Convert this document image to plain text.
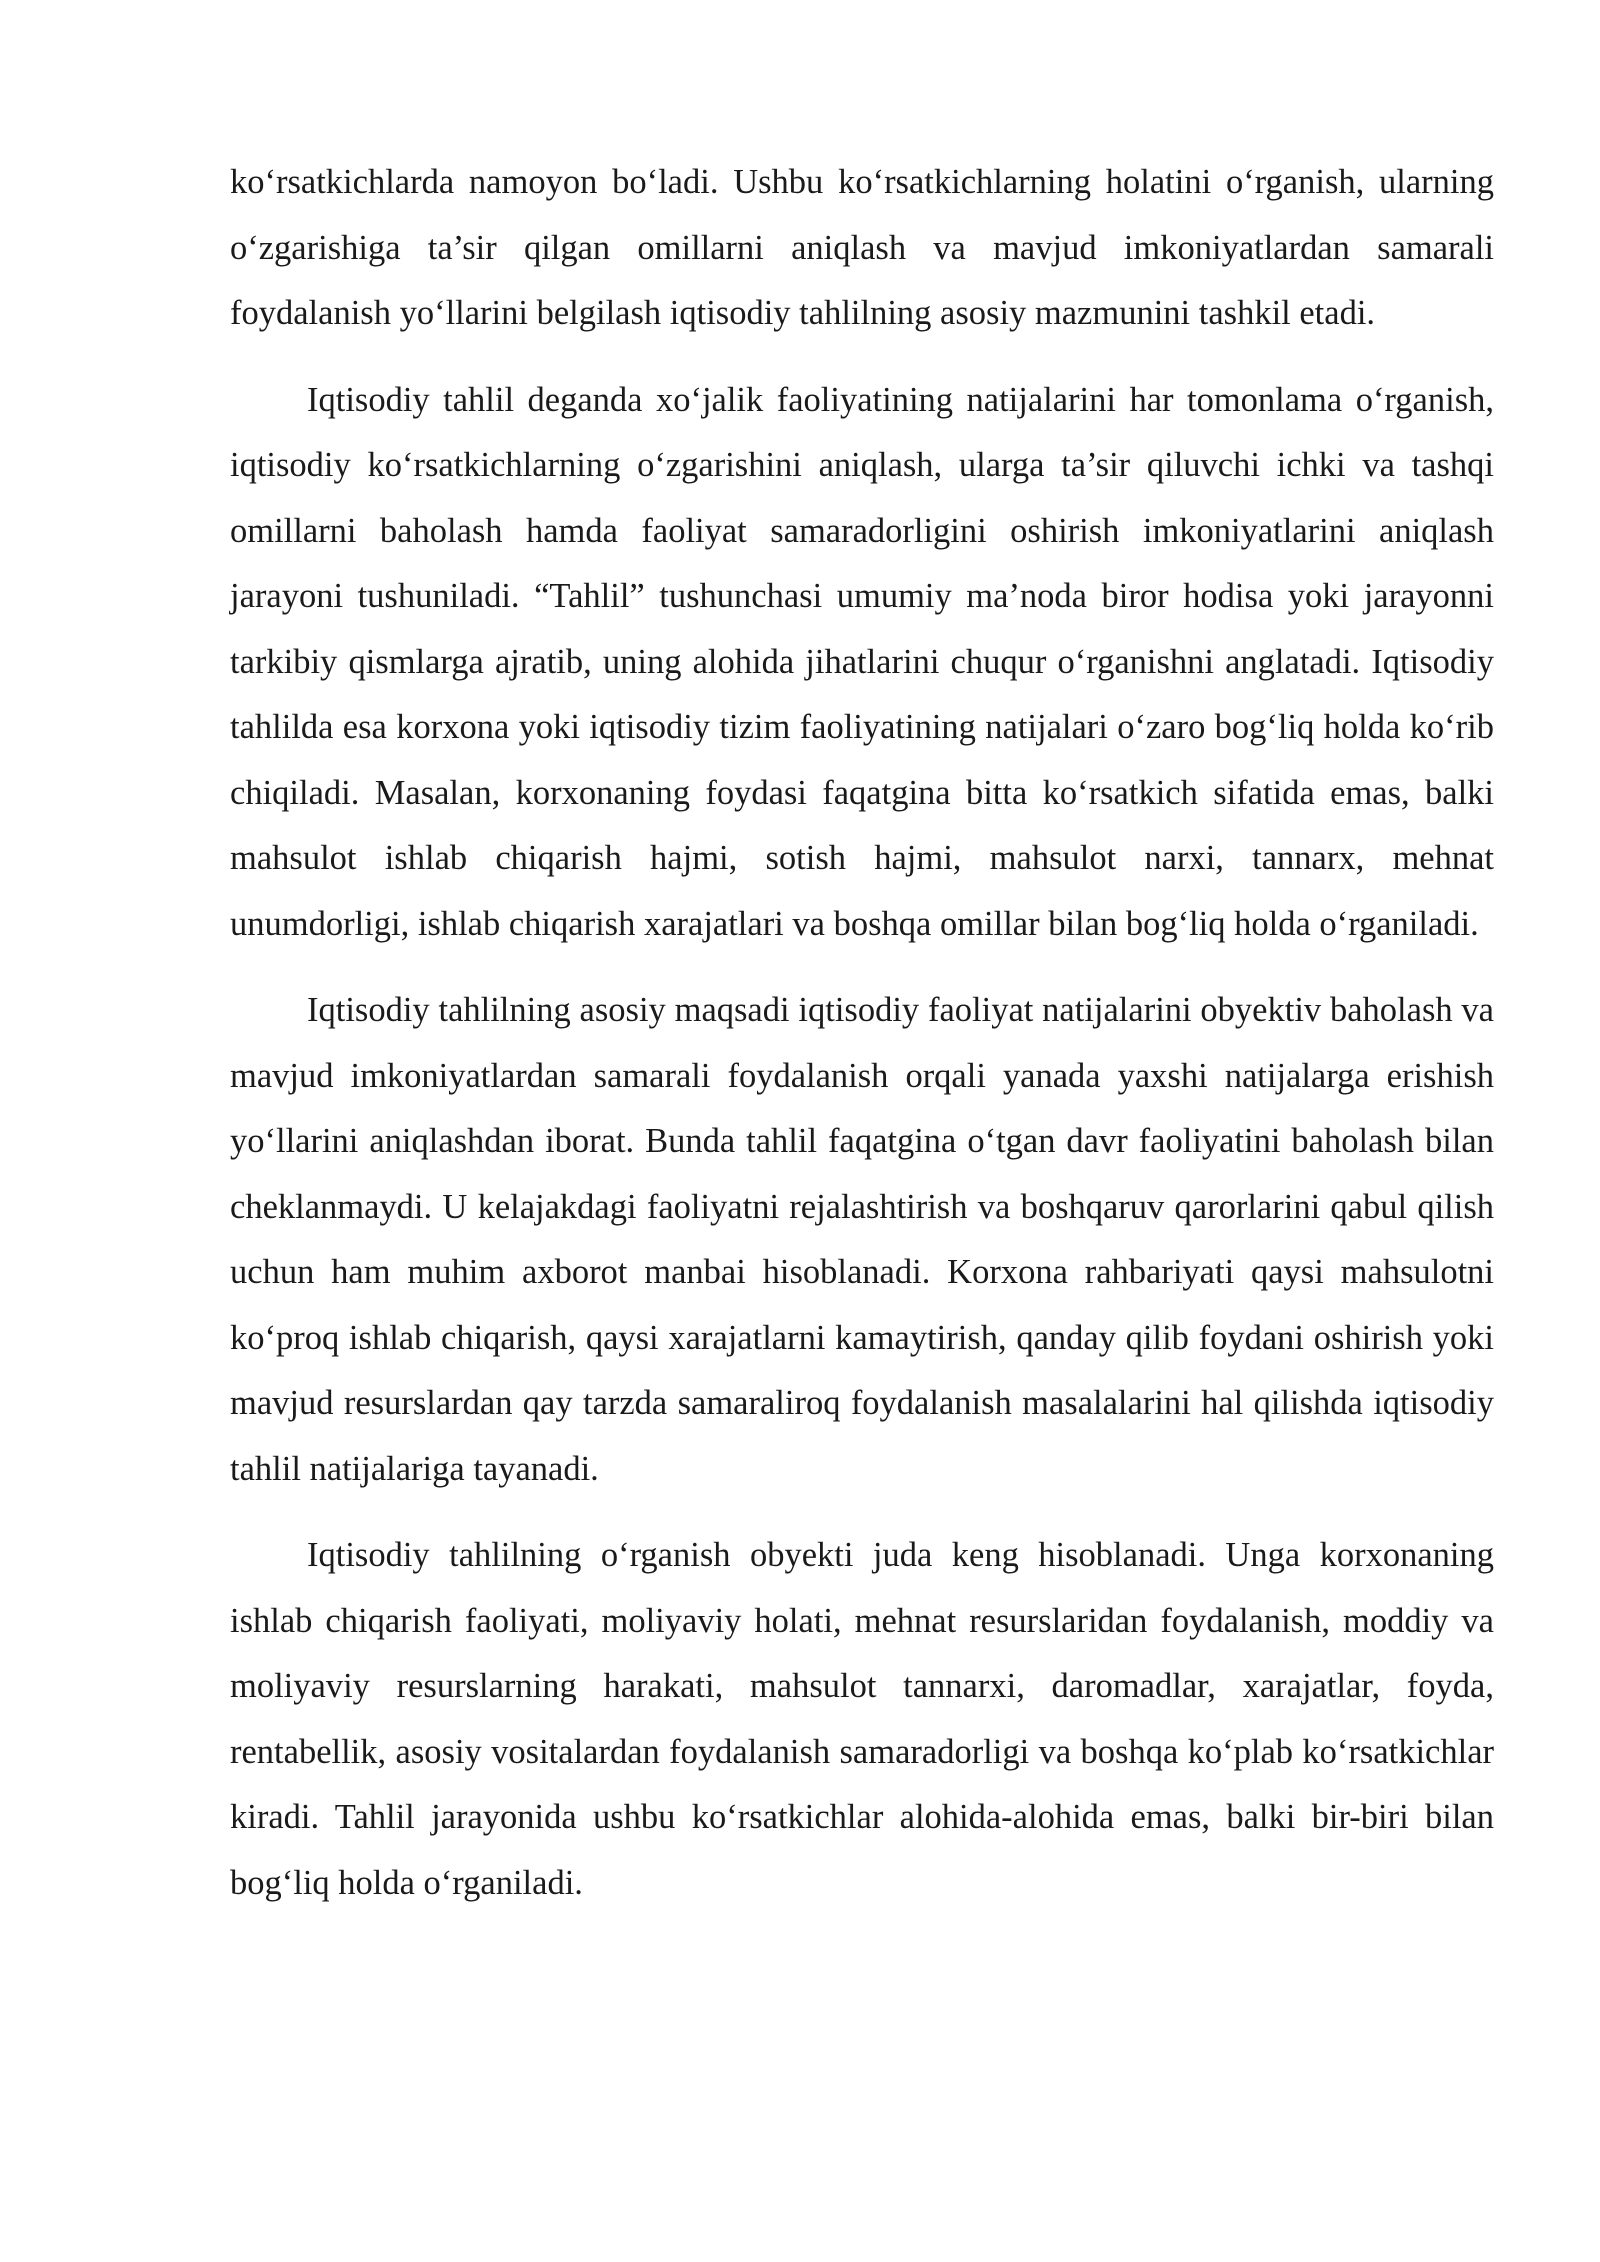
ko‘rsatkichlarda namoyon bo‘ladi. Ushbu ko‘rsatkichlarning holatini o‘rganish, ularning o‘zgarishiga ta’sir qilgan omillarni aniqlash va mavjud imkoniyatlardan samarali foydalanish yo‘llarini belgilash iqtisodiy tahlilning asosiy mazmunini tashkil etadi.

Iqtisodiy tahlil deganda xo‘jalik faoliyatining natijalarini har tomonlama o‘rganish, iqtisodiy ko‘rsatkichlarning o‘zgarishini aniqlash, ularga ta’sir qiluvchi ichki va tashqi omillarni baholash hamda faoliyat samaradorligini oshirish imkoniyatlarini aniqlash jarayoni tushuniladi. “Tahlil” tushunchasi umumiy ma’noda biror hodisa yoki jarayonni tarkibiy qismlarga ajratib, uning alohida jihatlarini chuqur o‘rganishni anglatadi. Iqtisodiy tahlilda esa korxona yoki iqtisodiy tizim faoliyatining natijalari o‘zaro bog‘liq holda ko‘rib chiqiladi. Masalan, korxonaning foydasi faqatgina bitta ko‘rsatkich sifatida emas, balki mahsulot ishlab chiqarish hajmi, sotish hajmi, mahsulot narxi, tannarx, mehnat unumdorligi, ishlab chiqarish xarajatlari va boshqa omillar bilan bog‘liq holda o‘rganiladi.

Iqtisodiy tahlilning asosiy maqsadi iqtisodiy faoliyat natijalarini obyektiv baholash va mavjud imkoniyatlardan samarali foydalanish orqali yanada yaxshi natijalarga erishish yo‘llarini aniqlashdan iborat. Bunda tahlil faqatgina o‘tgan davr faoliyatini baholash bilan cheklanmaydi. U kelajakdagi faoliyatni rejalashtirish va boshqaruv qarorlarini qabul qilish uchun ham muhim axborot manbai hisoblanadi. Korxona rahbariyati qaysi mahsulotni ko‘proq ishlab chiqarish, qaysi xarajatlarni kamaytirish, qanday qilib foydani oshirish yoki mavjud resurslardan qay tarzda samaraliroq foydalanish masalalarini hal qilishda iqtisodiy tahlil natijalariga tayanadi.

Iqtisodiy tahlilning o‘rganish obyekti juda keng hisoblanadi. Unga korxonaning ishlab chiqarish faoliyati, moliyaviy holati, mehnat resurslaridan foydalanish, moddiy va moliyaviy resurslarning harakati, mahsulot tannarxi, daromadlar, xarajatlar, foyda, rentabellik, asosiy vositalardan foydalanish samaradorligi va boshqa ko‘plab ko‘rsatkichlar kiradi. Tahlil jarayonida ushbu ko‘rsatkichlar alohida-alohida emas, balki bir-biri bilan bog‘liq holda o‘rganiladi.
